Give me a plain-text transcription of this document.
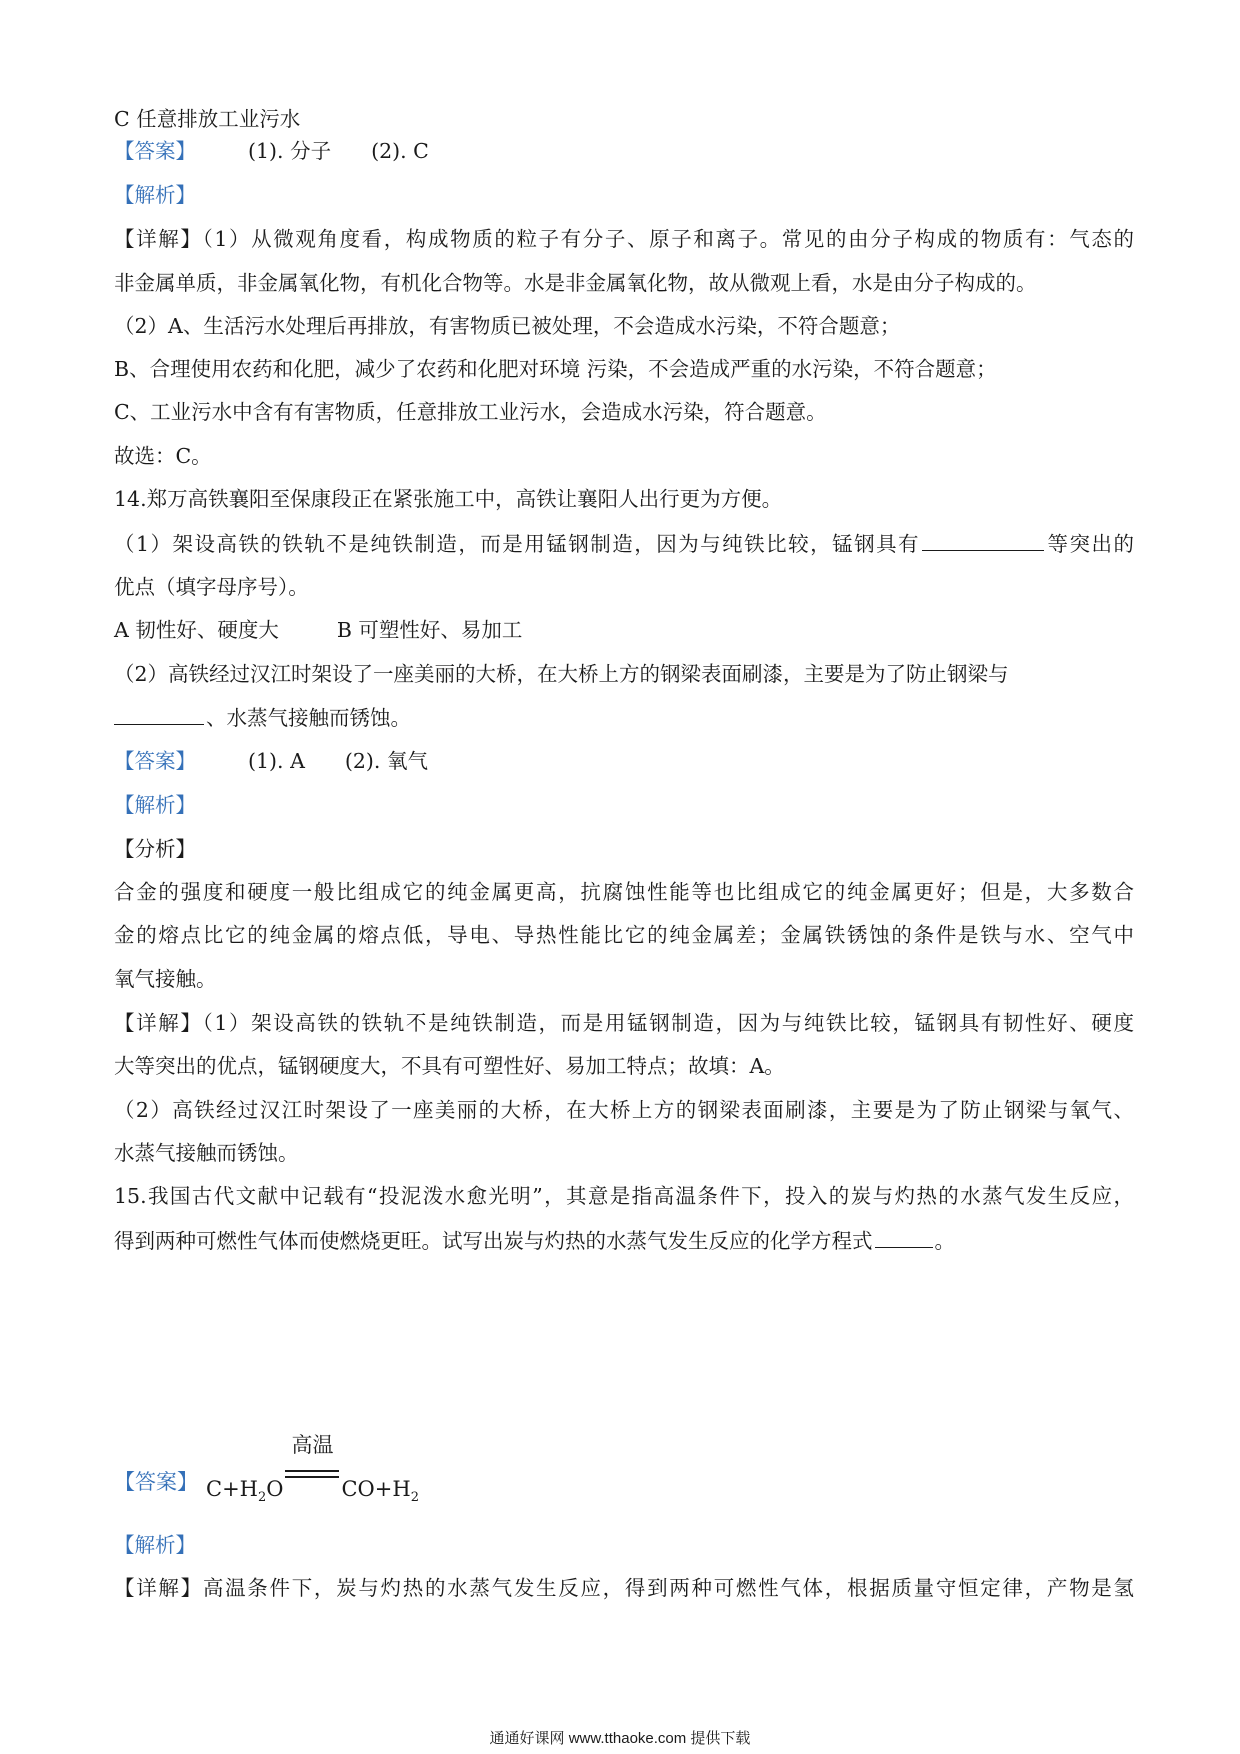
C 任意排放工业污水
【答案】	(1). 分子 (2). C
【解析】
【详解】（1）从微观角度看，构成物质的粒子有分子、原子和离子。常见的由分子构成的物质有：气态的
非金属单质，非金属氧化物，有机化合物等。水是非金属氧化物，故从微观上看，水是由分子构成的。
（2）A、生活污水处理后再排放，有害物质已被处理，不会造成水污染，不符合题意；
B、合理使用农药和化肥，减少了农药和化肥对环境 污染，不会造成严重的水污染，不符合题意；
C、工业污水中含有有害物质，任意排放工业污水，会造成水污染，符合题意。
故选：C。
14.郑万高铁襄阳至保康段正在紧张施工中，高铁让襄阳人出行更为方便。
（1）架设高铁的铁轨不是纯铁制造，而是用锰钢制造，因为与纯铁比较，锰钢具有	等突出的
优点（填字母序号）。
A 韧性好、硬度大	B 可塑性好、易加工
（2）高铁经过汉江时架设了一座美丽的大桥，在大桥上方的钢梁表面刷漆，主要是为了防止钢梁与
、水蒸气接触而锈蚀。
【答案】	(1). A (2). 氧气
【解析】
【分析】
合金的强度和硬度一般比组成它的纯金属更高，抗腐蚀性能等也比组成它的纯金属更好；但是，大多数合
金的熔点比它的纯金属的熔点低，导电、导热性能比它的纯金属差；金属铁锈蚀的条件是铁与水、空气中
氧气接触。
【详解】（1）架设高铁的铁轨不是纯铁制造，而是用锰钢制造，因为与纯铁比较，锰钢具有韧性好、硬度
大等突出的优点，锰钢硬度大，不具有可塑性好、易加工特点；故填：A。
（2）高铁经过汉江时架设了一座美丽的大桥，在大桥上方的钢梁表面刷漆，主要是为了防止钢梁与氧气、
水蒸气接触而锈蚀。
15.我国古代文献中记载有“投泥泼水愈光明”，其意是指高温条件下，投入的炭与灼热的水蒸气发生反应，
得到两种可燃性气体而使燃烧更旺。试写出炭与灼热的水蒸气发生反应的化学方程式	。
【答案】 $C+H_2O$
高温
$CO+H_2$
【解析】
【详解】高温条件下，炭与灼热的水蒸气发生反应，得到两种可燃性气体，根据质量守恒定律，产物是氢
通通好课网 www.tthaoke.com 提供下载
